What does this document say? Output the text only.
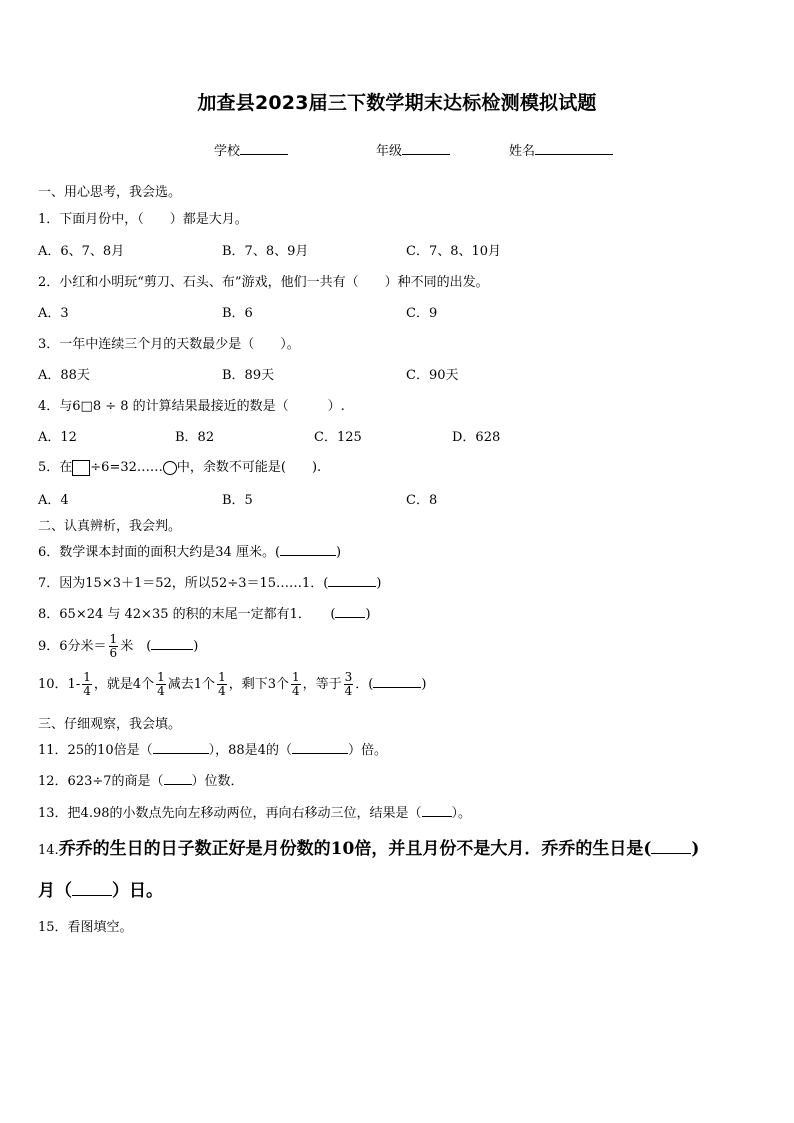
加查县2023届三下数学期末达标检测模拟试题
学校	年级	姓名
一、用心思考，我会选。
1．下面月份中，（　　）都是大月。
A．6、7、8月	B．7、8、9月	C．7、8、10月
2．小红和小明玩“剪刀、石头、布”游戏，他们一共有（　　）种不同的出发。
A．3	B．6	C．9
3．一年中连续三个月的天数最少是（　　）。
A．88天	B．89天	C．90天
4．与6□8 ÷ 8 的计算结果最接近的数是（　　　）.
A．12	B．82	C．125	D．628
5．在 ÷6=32…… 中，余数不可能是(　　).
A．4	B．5	C．8
二、认真辨析，我会判。
6．数学课本封面的面积大约是34 厘米。(	)
7．因为15×3＋1＝52，所以52÷3＝15……1．(	)
8．65×24 与 42×35 的积的末尾一定都有1．　　( )
9．6分米＝ $\frac{1}{6}$ 米　(	)
10．$1- \frac{1}{4}$ ，就是4个 $\frac{1}{4}$ 减去1个 $\frac{1}{4}$ ，剩下3个 $\frac{1}{4}$ ，等于 $\frac{3}{4}$ ．(	)
三、仔细观察，我会填。
11．25的10倍是（	），88是4的（	）倍。
12．623÷7的商是（ ）位数．
13．把4.98的小数点先向左移动两位，再向右移动三位，结果是（ ）。
14.乔乔的生日的日子数正好是月份数的10倍，并且月份不是大月．乔乔的生日是( )
月（ ）日。
15．看图填空。
